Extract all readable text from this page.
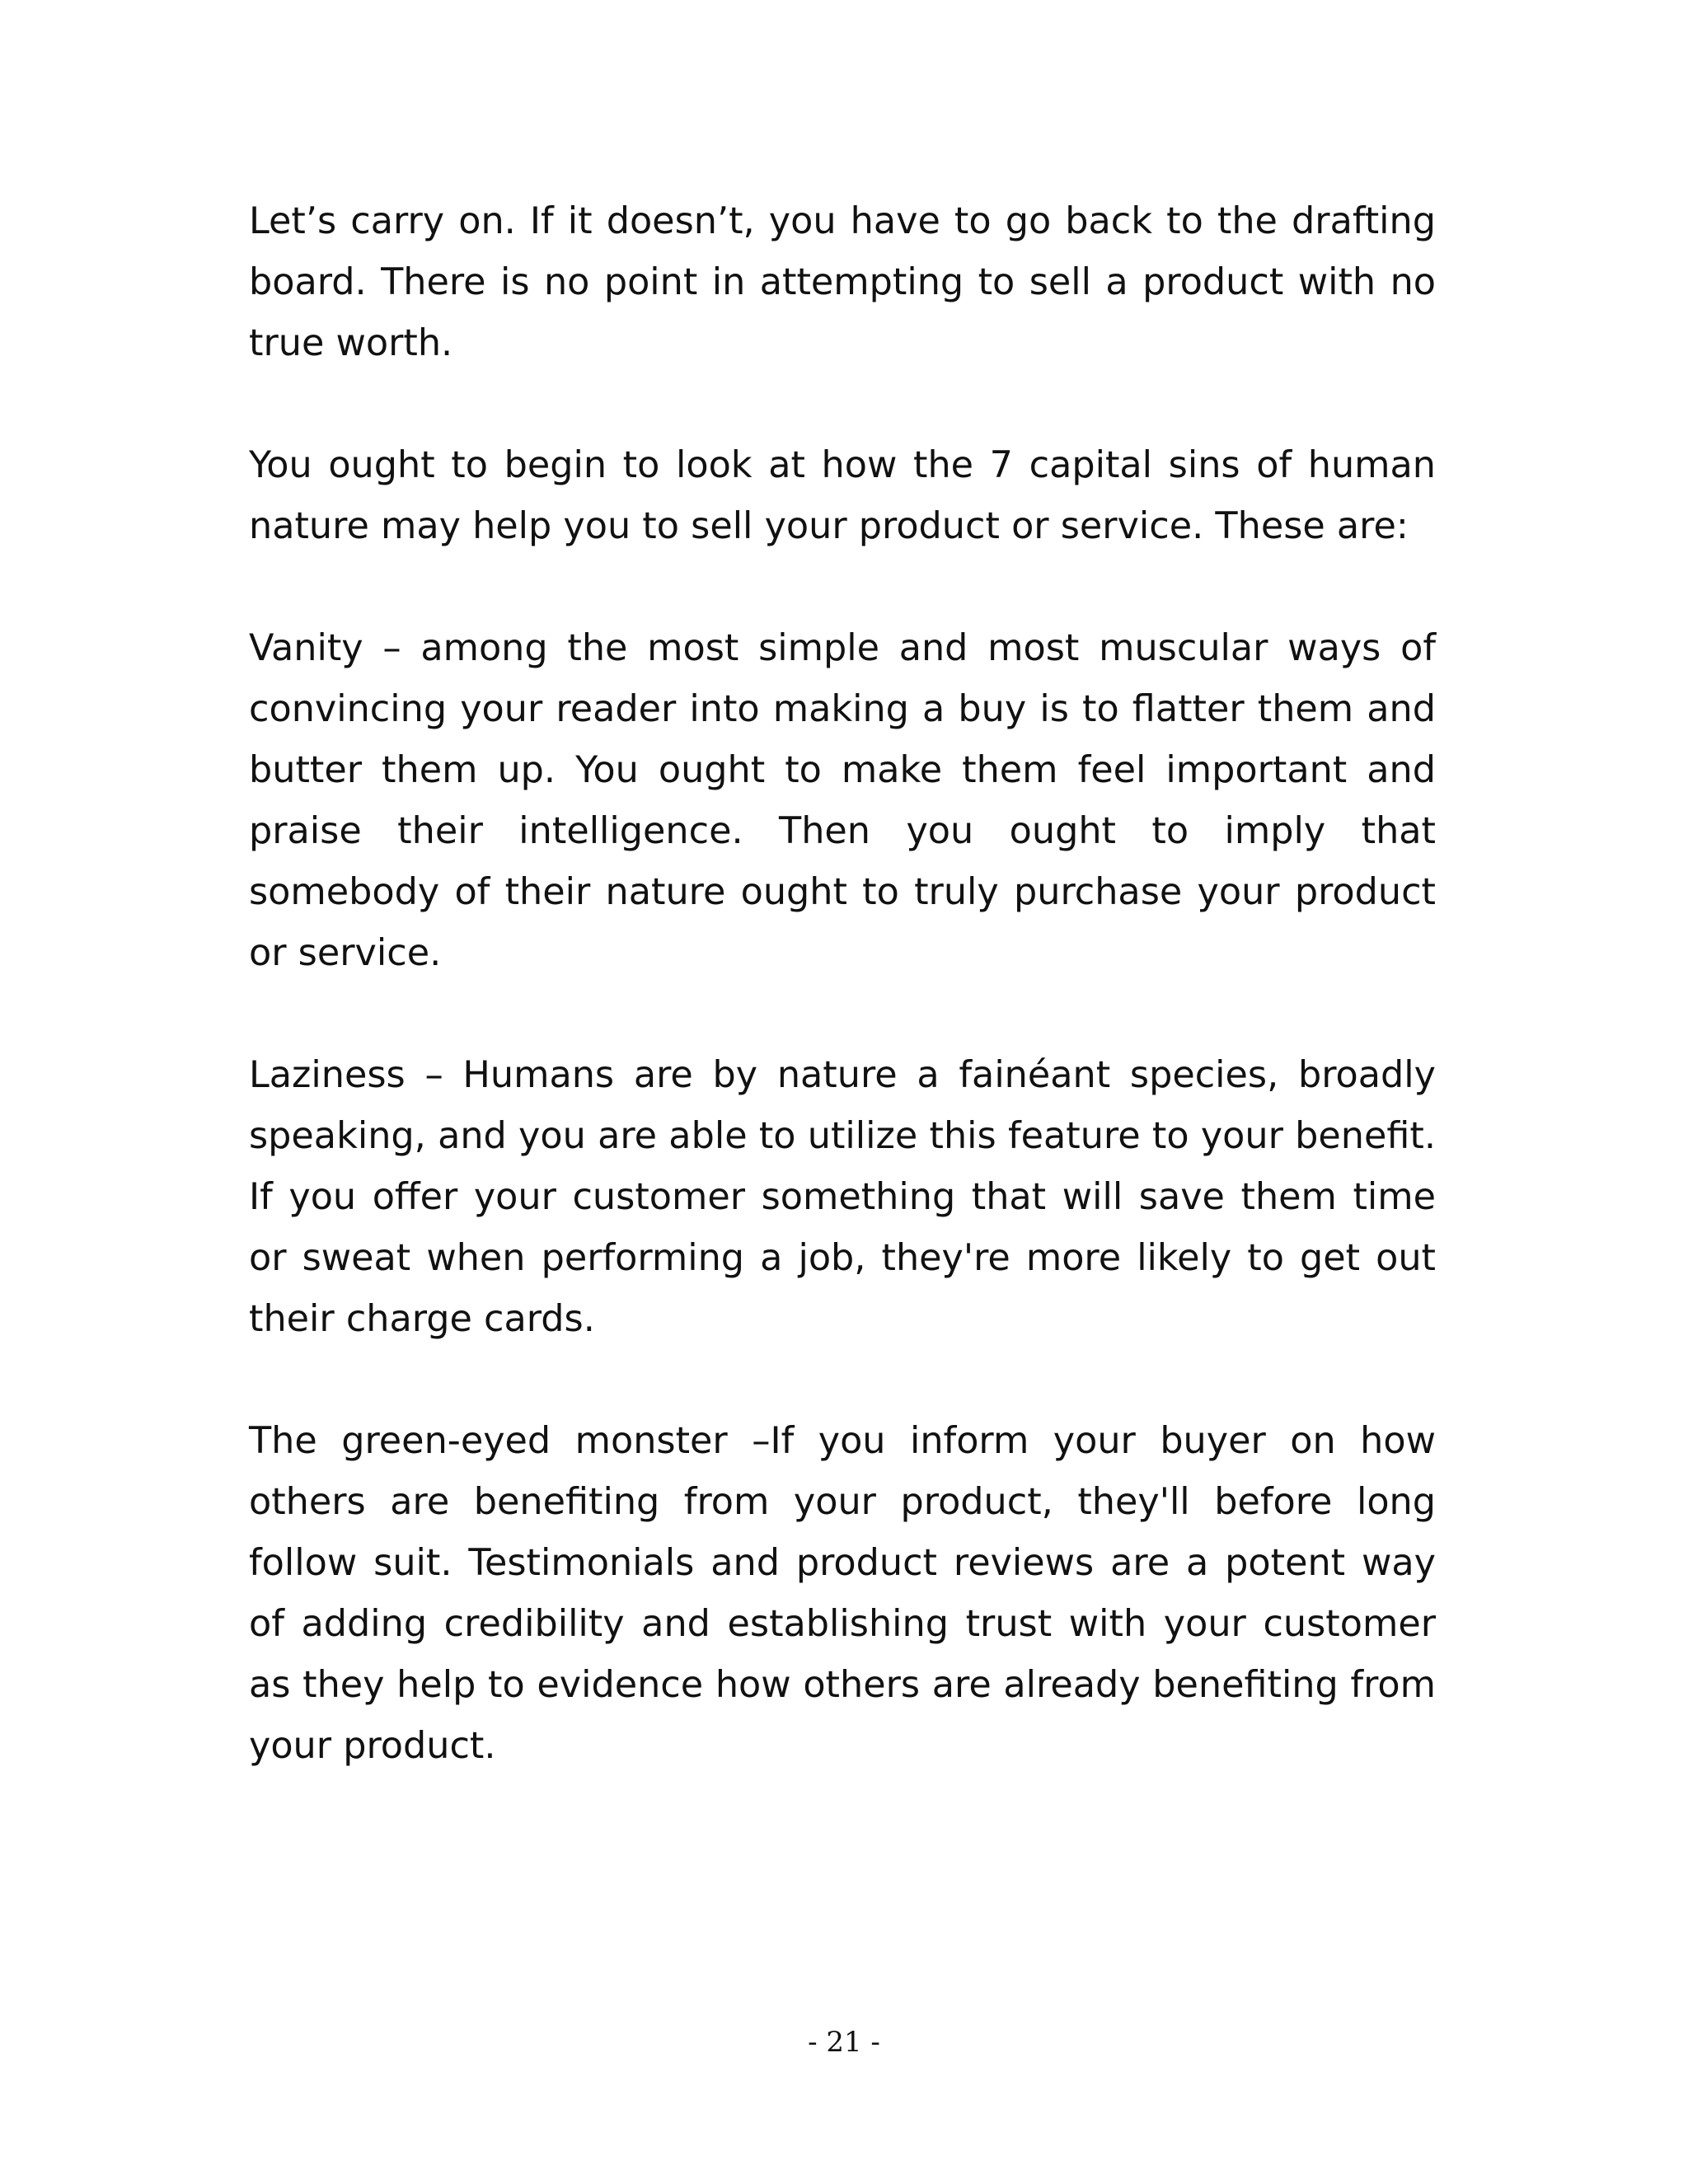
Let’s carry on. If it doesn’t, you have to go back to the drafting board. There is no point in attempting to sell a product with no true worth.

You ought to begin to look at how the 7 capital sins of human nature may help you to sell your product or service. These are:

Vanity – among the most simple and most muscular ways of convincing your reader into making a buy is to flatter them and butter them up. You ought to make them feel important and praise their intelligence. Then you ought to imply that somebody of their nature ought to truly purchase your product or service.

Laziness – Humans are by nature a fainéant species, broadly speaking, and you are able to utilize this feature to your benefit. If you offer your customer something that will save them time or sweat when performing a job, they're more likely to get out their charge cards.

The green-eyed monster –If you inform your buyer on how others are benefiting from your product, they'll before long follow suit. Testimonials and product reviews are a potent way of adding credibility and establishing trust with your customer as they help to evidence how others are already benefiting from your product.

- 21 -
